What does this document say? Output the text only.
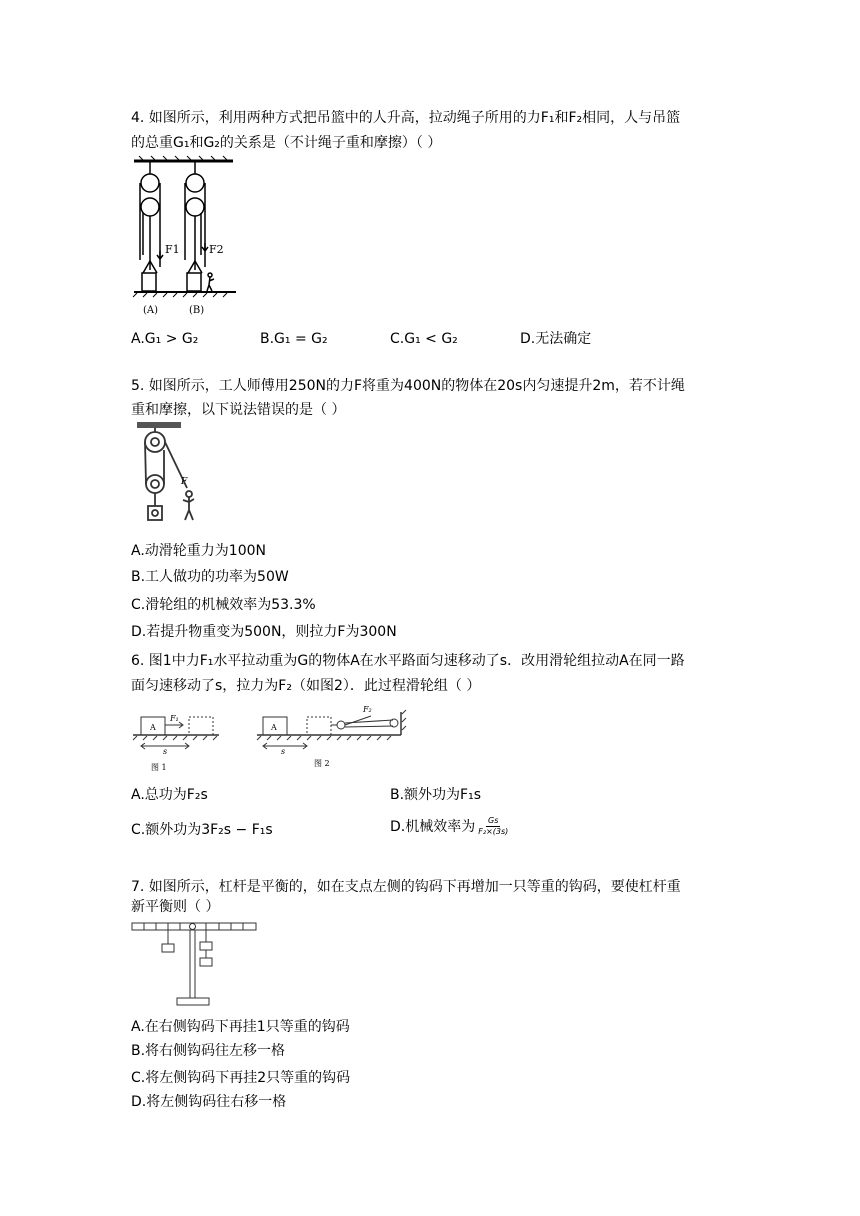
4. 如图所示，利用两种方式把吊篮中的人升高，拉动绳子所用的力F₁和F₂相同，人与吊篮
的总重G₁和G₂的关系是（不计绳子重和摩擦）（ ）
F1	F2
(A)	(B)
A.G₁ > G₂	B.G₁ = G₂	C.G₁ < G₂	D.无法确定
5. 如图所示，工人师傅用250N的力F将重为400N的物体在20s内匀速提升2m，若不计绳
重和摩擦，以下说法错误的是（ ）
F
A.动滑轮重力为100N
B.工人做功的功率为50W
C.滑轮组的机械效率为53.3%
D.若提升物重变为500N，则拉力F为300N
6. 图1中力F₁水平拉动重为G的物体A在水平路面匀速移动了s．改用滑轮组拉动A在同一路
面匀速移动了s，拉力为F₂（如图2）．此过程滑轮组（ ）
A
F₁
s
图 1
A
F₂
s
图 2
A.总功为F₂s	B.额外功为F₁s
C.额外功为3F₂s − F₁s	D.机械效率为 $\frac{Gs}{\text{F₂×(3s)}}$
7. 如图所示，杠杆是平衡的，如在支点左侧的钩码下再增加一只等重的钩码，要使杠杆重
新平衡则（ ）
A.在右侧钩码下再挂1只等重的钩码
B.将右侧钩码往左移一格
C.将左侧钩码下再挂2只等重的钩码
D.将左侧钩码往右移一格
